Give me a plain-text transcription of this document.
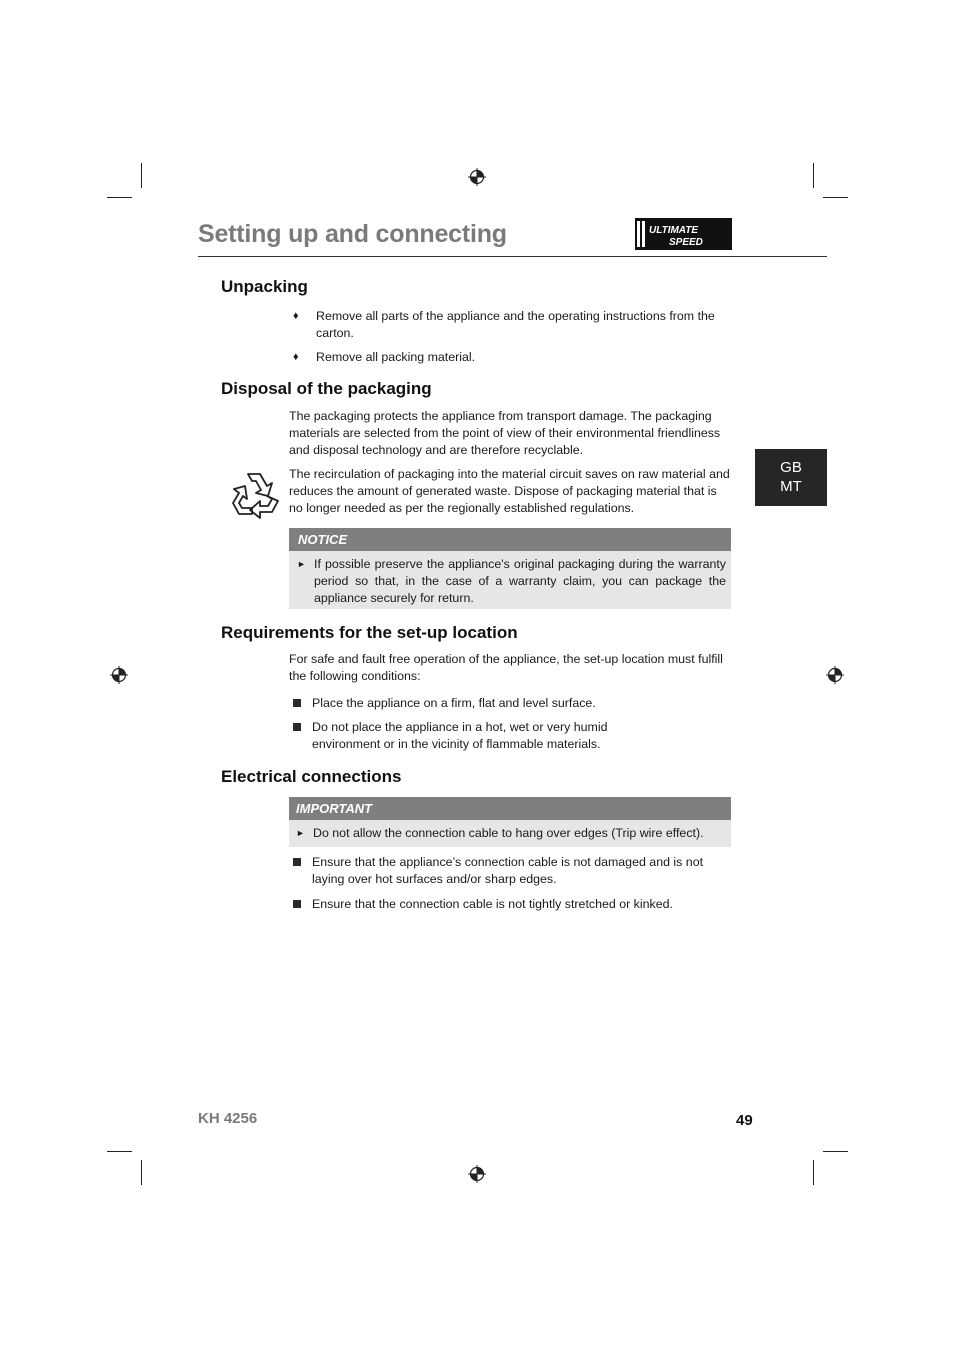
Setting up and connecting	ULTIMATE
SPEED
GB
MT
Unpacking
♦ Remove all parts of the appliance and the operating instructions from the carton.
♦ Remove all packing material.
Disposal of the packaging
The packaging protects the appliance from transport damage. The packaging materials are selected from the point of view of their environmental friendliness and disposal technology and are therefore recyclable.
The recirculation of packaging into the material circuit saves on raw material and reduces the amount of generated waste. Dispose of packaging material that is no longer needed as per the regionally established regulations.
NOTICE
► If possible preserve the appliance's original packaging during the warranty period so that, in the case of a warranty claim, you can package the appliance securely for return.
Requirements for the set-up location
For safe and fault free operation of the appliance, the set-up location must fulfill the following conditions:
Place the appliance on a firm, flat and level surface.
Do not place the appliance in a hot, wet or very humid environment or in the vicinity of flammable materials.
Electrical connections
IMPORTANT
► Do not allow the connection cable to hang over edges (Trip wire effect).
Ensure that the appliance’s connection cable is not damaged and is not laying over hot surfaces and/or sharp edges.
Ensure that the connection cable is not tightly stretched or kinked.
KH 4256	49
